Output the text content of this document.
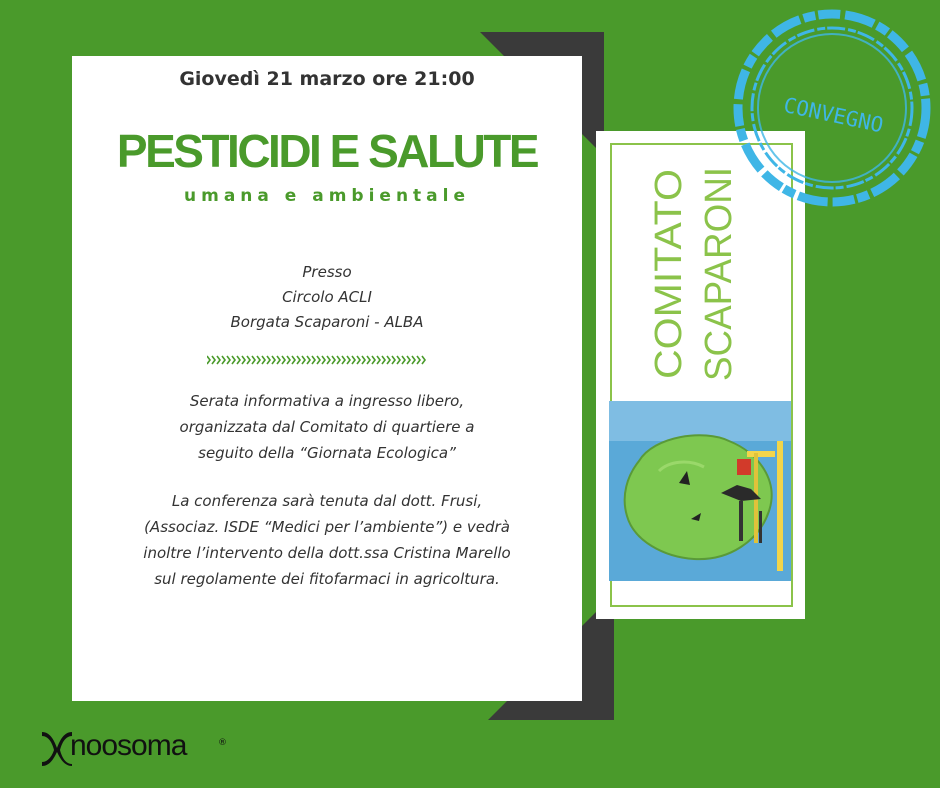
COMITATO SCAPARONI
CONVEGNO
Giovedì 21 marzo ore 21:00
PESTICIDI E SALUTE
umana e ambientale
Presso
Circolo ACLI
Borgata Scaparoni - ALBA
Serata informativa a ingresso libero,
organizzata dal Comitato di quartiere a
seguito della “Giornata Ecologica”
La conferenza sarà tenuta dal dott. Frusi,
(Associaz. ISDE “Medici per l’ambiente”) e vedrà
inoltre l’intervento della dott.ssa Cristina Marello
sul regolamente dei fitofarmaci in agricoltura.
noosoma	®
